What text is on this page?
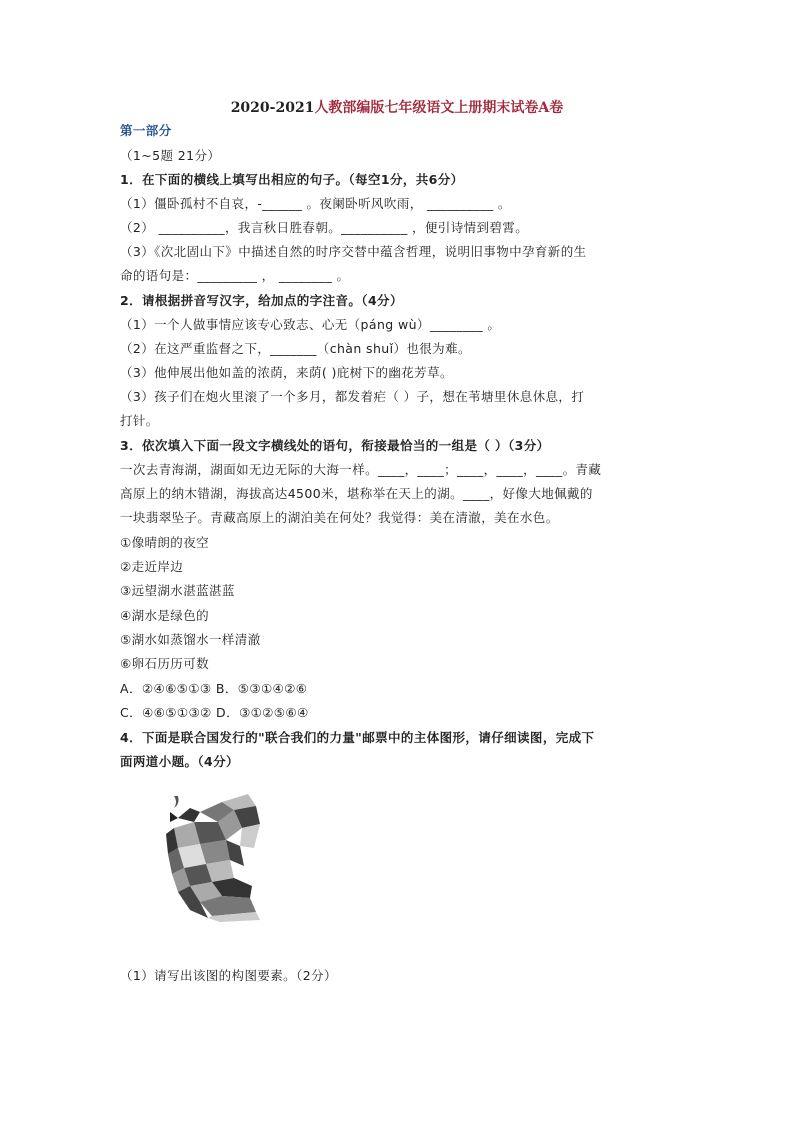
2020-2021人教部编版七年级语文上册期末试卷A卷
第一部分
（1~5题 21分）
1．在下面的横线上填写出相应的句子。（每空1分，共6分）
（1）僵卧孤村不自哀，-______ 。夜阑卧听风吹雨， __________ 。
（2） __________，我言秋日胜春朝。__________ ，便引诗情到碧霄。
（3）《次北固山下》中描述自然的时序交替中蕴含哲理，说明旧事物中孕育新的生
命的语句是：_________ ， ________ 。
2．请根据拼音写汉字，给加点的字注音。（4分）
（1）一个人做事情应该专心致志、心无（páng wù）________ 。
（2）在这严重监督之下，_______（chàn shuǐ）也很为难。
（3）他伸展出他如盖的浓荫，来荫( )庇树下的幽花芳草。
（3）孩子们在炮火里滚了一个多月，都发着疟（ ）子，想在苇塘里休息休息，打
打针。
3．依次填入下面一段文字横线处的语句，衔接最恰当的一组是（ ）（3分）
一次去青海湖，湖面如无边无际的大海一样。____，____；____，____，____。青藏
高原上的纳木错湖，海拔高达4500米，堪称举在天上的湖。____，好像大地佩戴的
一块翡翠坠子。青藏高原上的湖泊美在何处？我觉得：美在清澈，美在水色。
①像晴朗的夜空
②走近岸边
③远望湖水湛蓝湛蓝
④湖水是绿色的
⑤湖水如蒸馏水一样清澈
⑥卵石历历可数
A．②④⑥⑤①③ B．⑤③①④②⑥
C．④⑥⑤①③② D．③①②⑤⑥④
4．下面是联合国发行的"联合我们的力量"邮票中的主体图形，请仔细读图，完成下
面两道小题。（4分）
（1）请写出该图的构图要素。（2分）
